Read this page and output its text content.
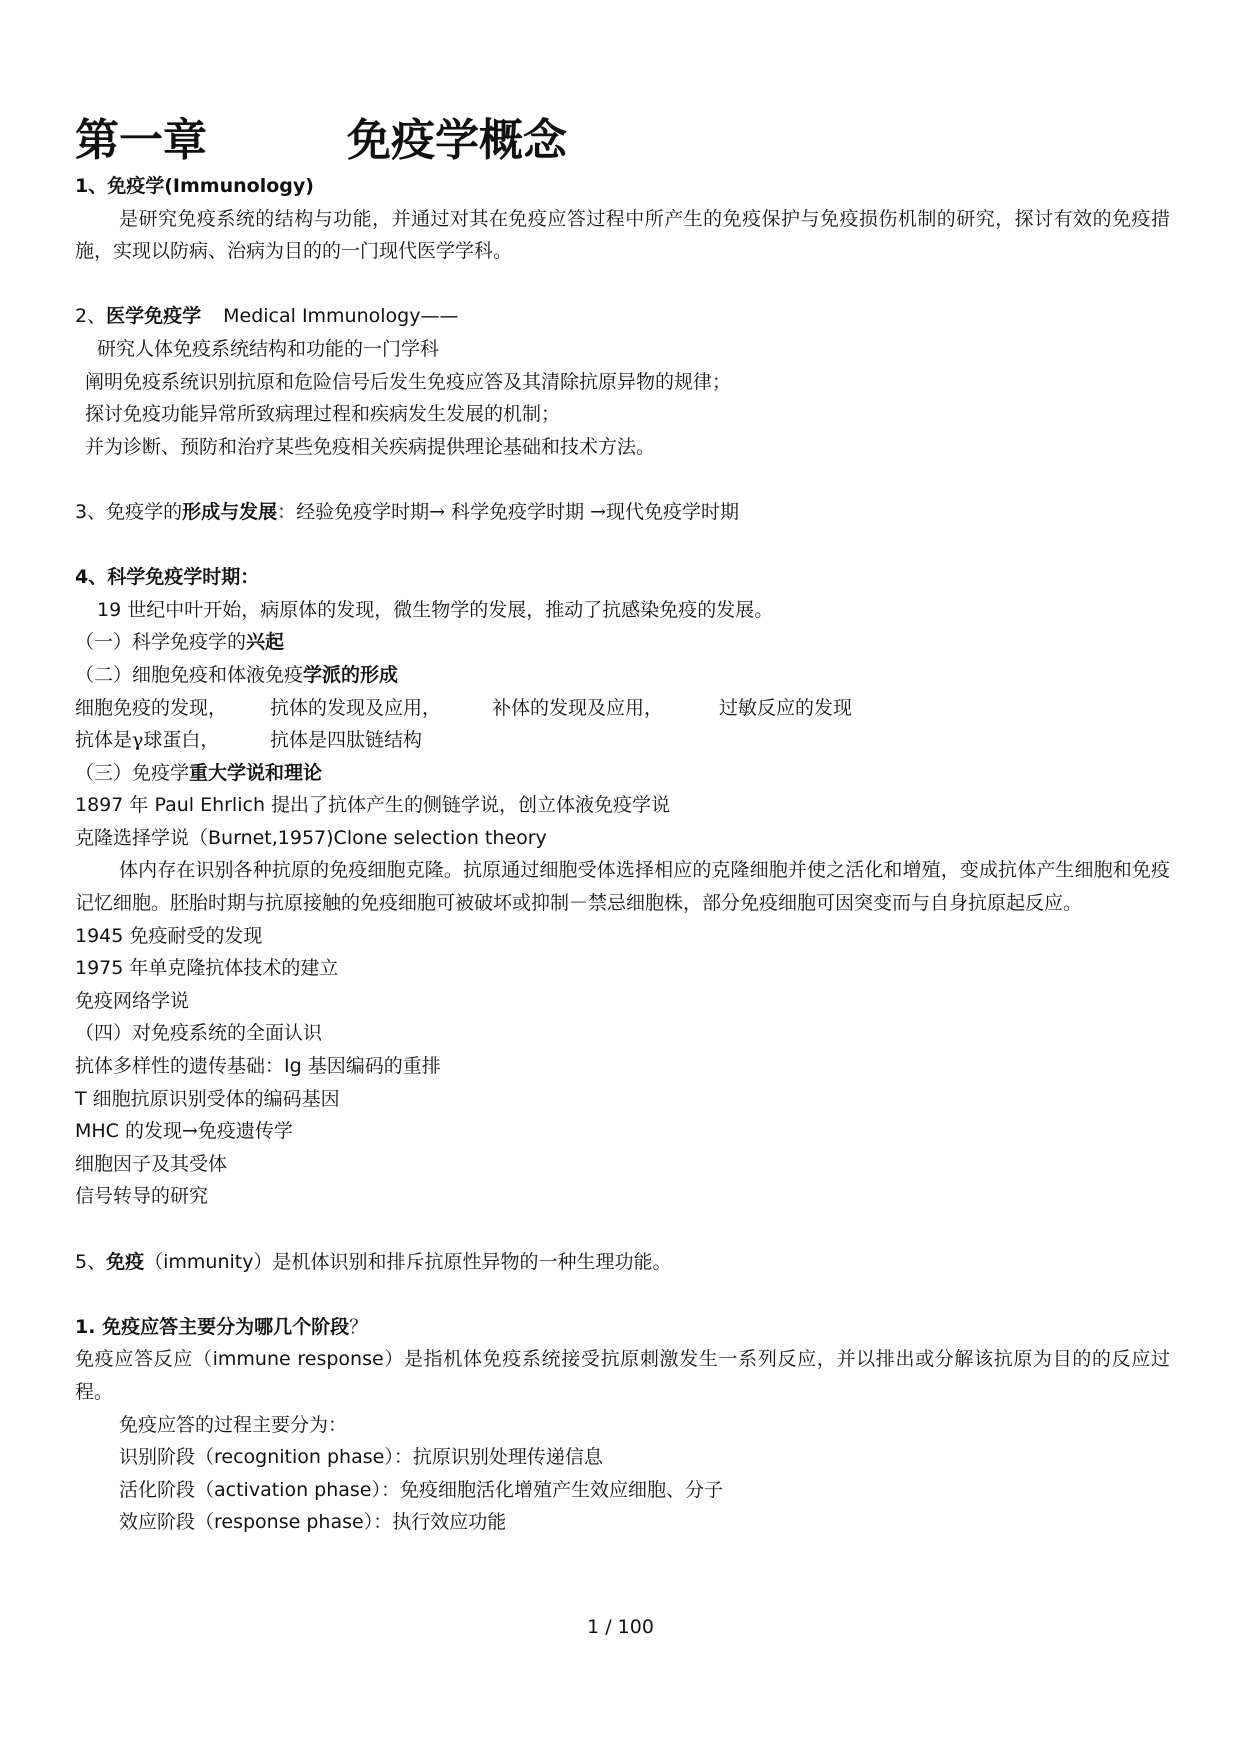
第一章	免疫学概念
1、免疫学(Immunology)
是研究免疫系统的结构与功能，并通过对其在免疫应答过程中所产生的免疫保护与免疫损伤机制的研究，探讨有效的免疫措施，实现以防病、治病为目的的一门现代医学学科。
2、医学免疫学 Medical Immunology——
研究人体免疫系统结构和功能的一门学科
阐明免疫系统识别抗原和危险信号后发生免疫应答及其清除抗原异物的规律；
探讨免疫功能异常所致病理过程和疾病发生发展的机制；
并为诊断、预防和治疗某些免疫相关疾病提供理论基础和技术方法。
3、免疫学的形成与发展：经验免疫学时期→ 科学免疫学时期 →现代免疫学时期
4、科学免疫学时期：
19 世纪中叶开始，病原体的发现，微生物学的发展，推动了抗感染免疫的发展。
（一）科学免疫学的兴起
（二）细胞免疫和体液免疫学派的形成
细胞免疫的发现， 抗体的发现及应用，	补体的发现及应用，	过敏反应的发现
抗体是γ球蛋白，	抗体是四肽链结构
（三）免疫学重大学说和理论
1897 年 Paul Ehrlich 提出了抗体产生的侧链学说，创立体液免疫学说
克隆选择学说（Burnet,1957)Clone selection theory
体内存在识别各种抗原的免疫细胞克隆。抗原通过细胞受体选择相应的克隆细胞并使之活化和增殖，变成抗体产生细胞和免疫记忆细胞。胚胎时期与抗原接触的免疫细胞可被破坏或抑制－禁忌细胞株，部分免疫细胞可因突变而与自身抗原起反应。
1945 免疫耐受的发现
1975 年单克隆抗体技术的建立
免疫网络学说
（四）对免疫系统的全面认识
抗体多样性的遗传基础：Ig 基因编码的重排
T 细胞抗原识别受体的编码基因
MHC 的发现→免疫遗传学
细胞因子及其受体
信号转导的研究
5、免疫（immunity）是机体识别和排斥抗原性异物的一种生理功能。
1. 免疫应答主要分为哪几个阶段？
免疫应答反应（immune response）是指机体免疫系统接受抗原刺激发生一系列反应，并以排出或分解该抗原为目的的反应过程。
免疫应答的过程主要分为：
识别阶段（recognition phase）：抗原识别处理传递信息
活化阶段（activation phase）：免疫细胞活化增殖产生效应细胞、分子
效应阶段（response phase）：执行效应功能
1 / 100
